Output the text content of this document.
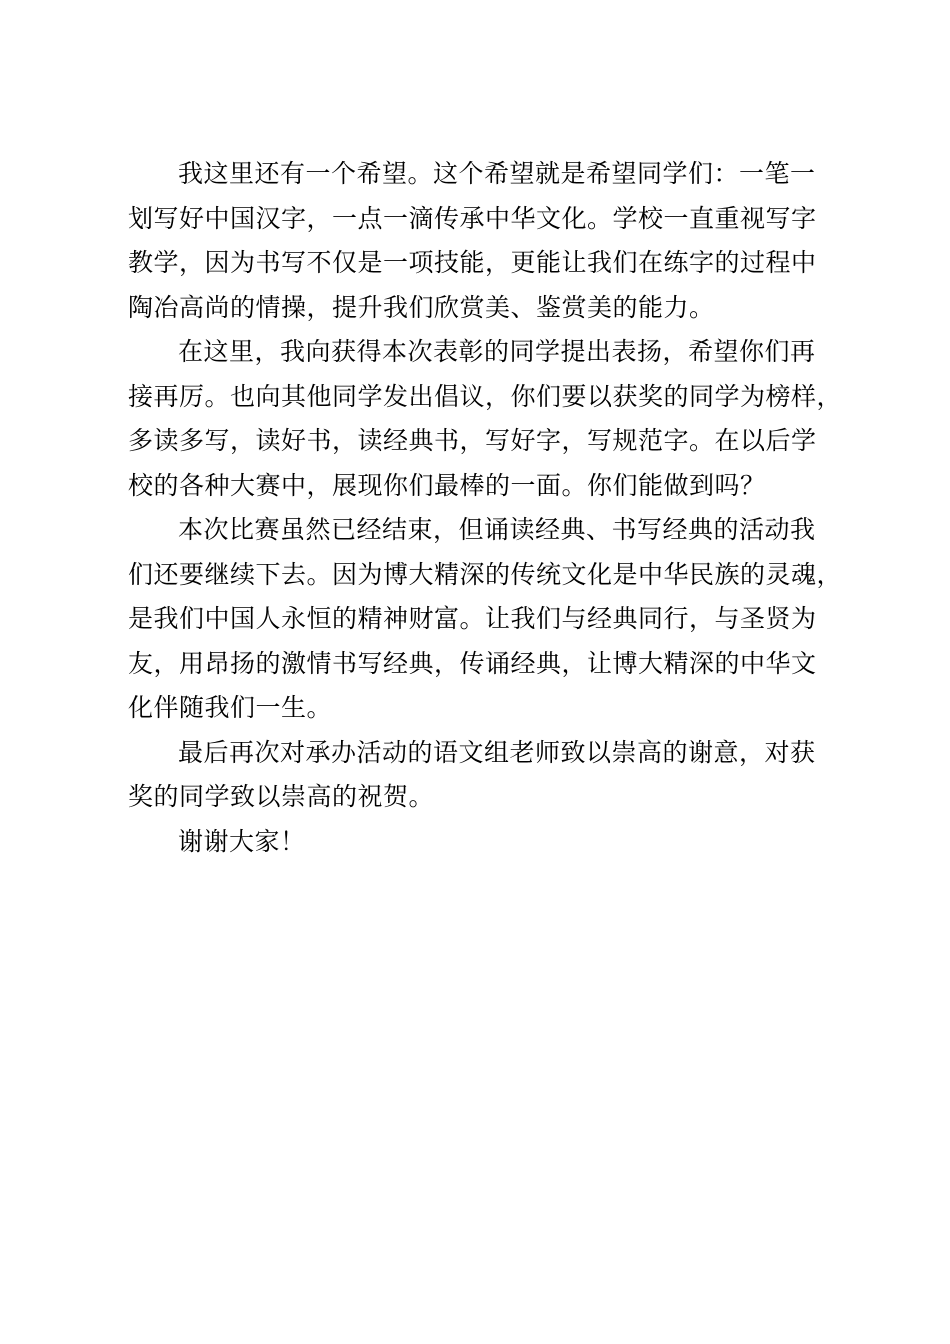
我这里还有一个希望。这个希望就是希望同学们：一笔一
划写好中国汉字，一点一滴传承中华文化。学校一直重视写字
教学，因为书写不仅是一项技能，更能让我们在练字的过程中
陶冶高尚的情操，提升我们欣赏美、鉴赏美的能力。
在这里，我向获得本次表彰的同学提出表扬，希望你们再
接再厉。也向其他同学发出倡议，你们要以获奖的同学为榜样，
多读多写，读好书，读经典书，写好字，写规范字。在以后学
校的各种大赛中，展现你们最棒的一面。你们能做到吗？
本次比赛虽然已经结束，但诵读经典、书写经典的活动我
们还要继续下去。因为博大精深的传统文化是中华民族的灵魂，
是我们中国人永恒的精神财富。让我们与经典同行，与圣贤为
友，用昂扬的激情书写经典，传诵经典，让博大精深的中华文
化伴随我们一生。
最后再次对承办活动的语文组老师致以崇高的谢意，对获
奖的同学致以崇高的祝贺。
谢谢大家！
